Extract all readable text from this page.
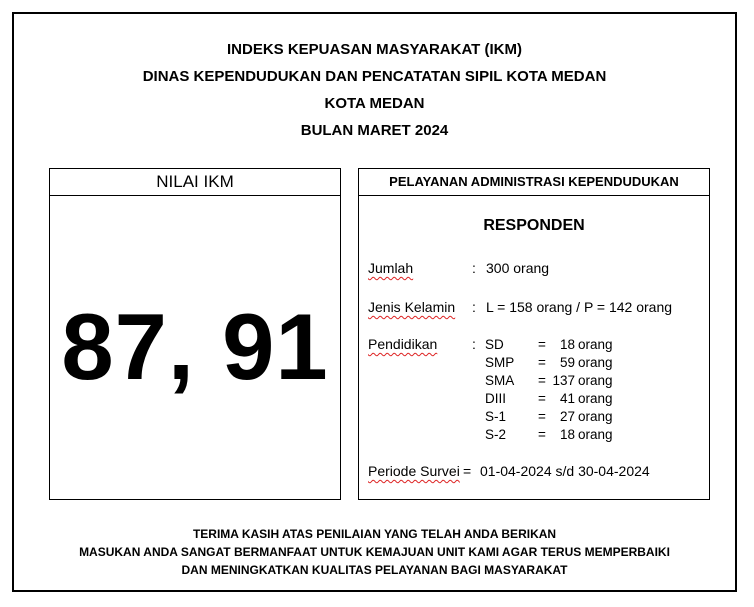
INDEKS KEPUASAN MASYARAKAT (IKM)
DINAS KEPENDUDUKAN DAN PENCATATAN SIPIL KOTA MEDAN
KOTA MEDAN
BULAN MARET 2024
NILAI IKM
87, 91
PELAYANAN ADMINISTRASI KEPENDUDUKAN
RESPONDEN
Jumlah	: 300 orang
Jenis Kelamin : L = 158 orang / P = 142 orang
Pendidikan : SD	=	18 orang
SMP =	59 orang
SMA = 137 orang
DIII =	41 orang
S-1 =	27 orang
S-2 =	18 orang
Periode Survei = 01-04-2024 s/d 30-04-2024
TERIMA KASIH ATAS PENILAIAN YANG TELAH ANDA BERIKAN
MASUKAN ANDA SANGAT BERMANFAAT UNTUK KEMAJUAN UNIT KAMI AGAR TERUS MEMPERBAIKI
DAN MENINGKATKAN KUALITAS PELAYANAN BAGI MASYARAKAT
